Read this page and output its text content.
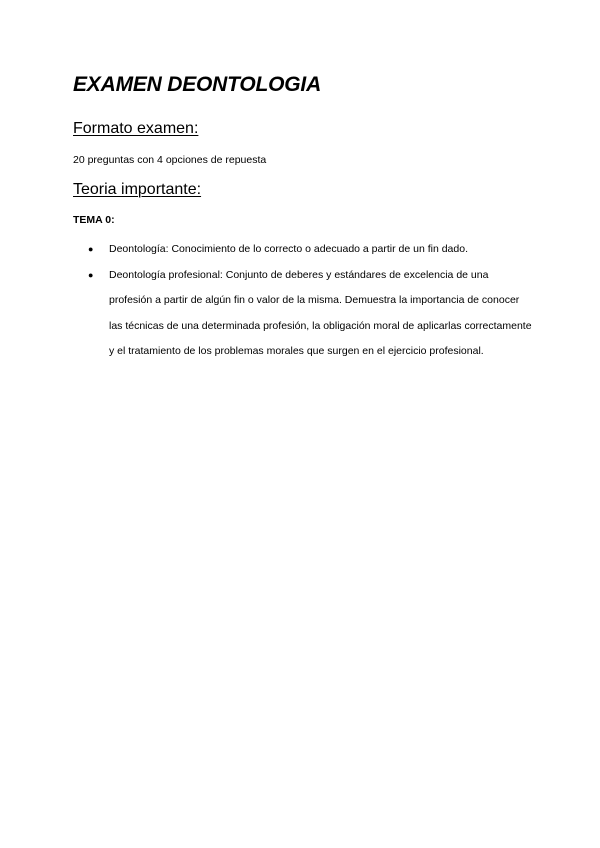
EXAMEN DEONTOLOGIA
Formato examen:

20 preguntas con 4 opciones de repuesta

Teoria importante:

TEMA 0:

● Deontología: Conocimiento de lo correcto o adecuado a partir de un fin dado.
● Deontología profesional: Conjunto de deberes y estándares de excelencia de una profesión a partir de algún fin o valor de la misma. Demuestra la importancia de conocer las técnicas de una determinada profesión, la obligación moral de aplicarlas correctamente y el tratamiento de los problemas morales que surgen en el ejercicio profesional.
